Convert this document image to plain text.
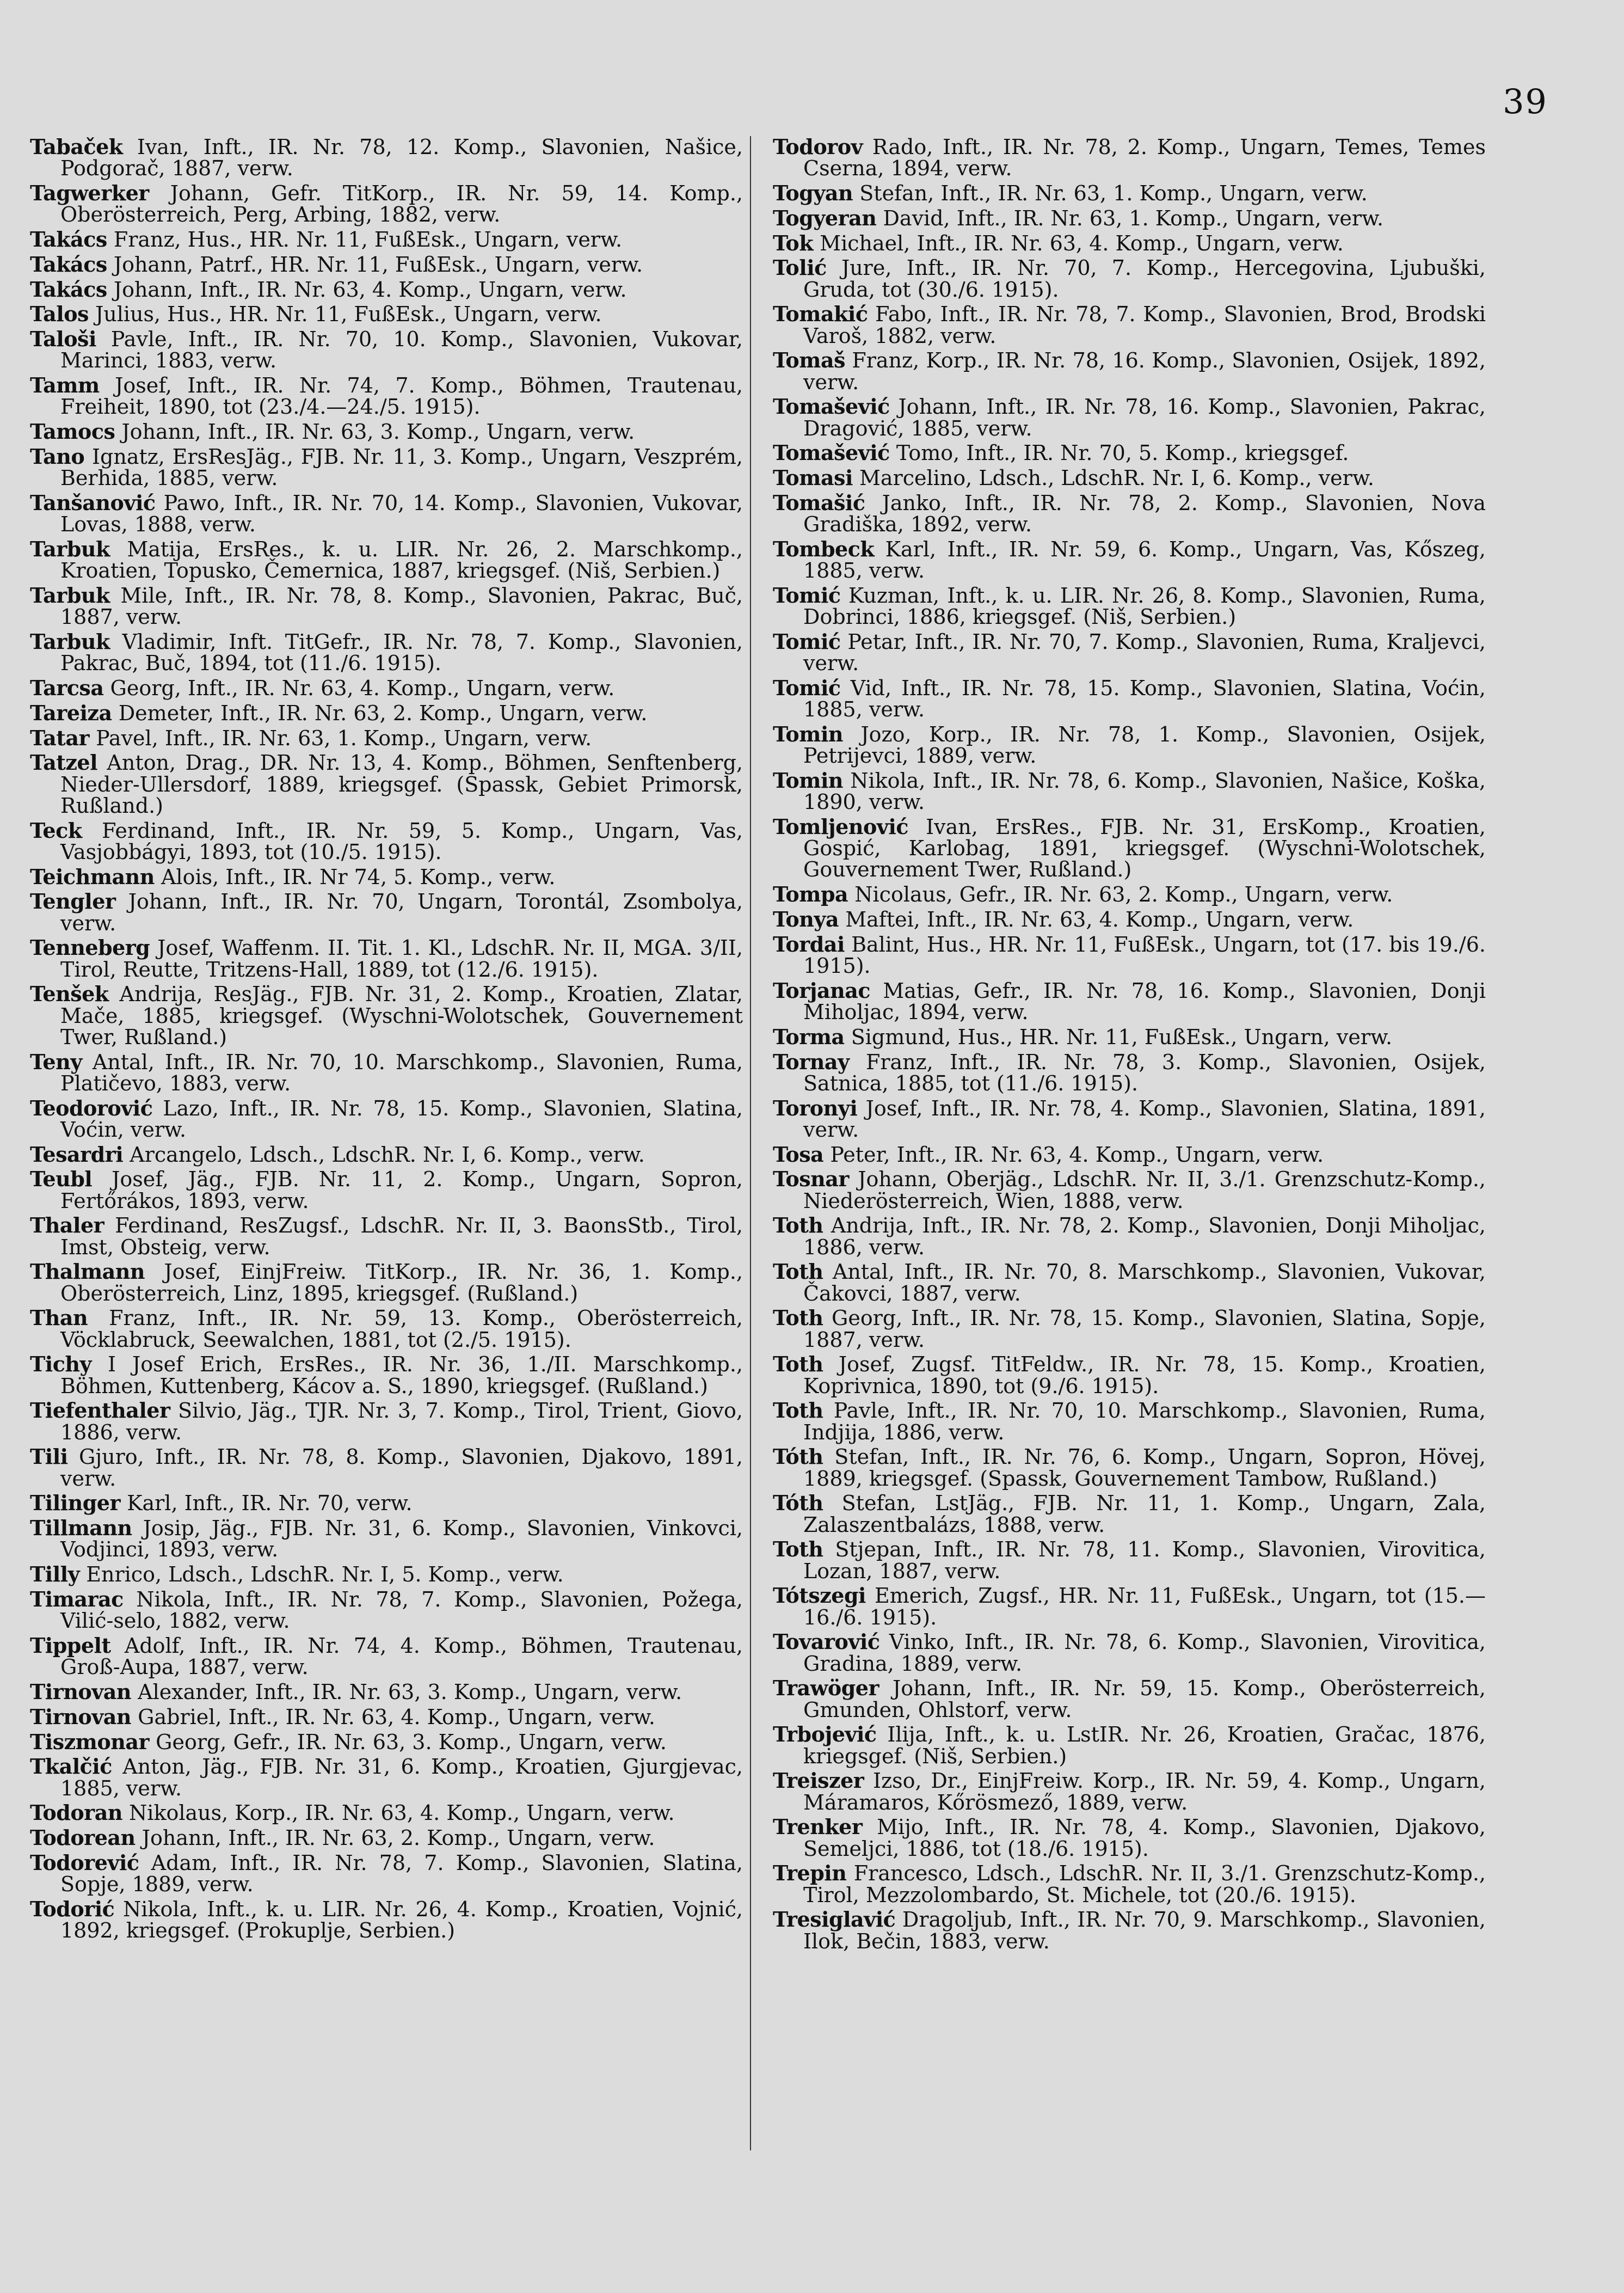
39

Tabaček Ivan, Inft., IR. Nr. 78, 12. Komp., Slavonien, Našice, Podgorač, 1887, verw.

Tagwerker Johann, Gefr. TitKorp., IR. Nr. 59, 14. Komp., Oberösterreich, Perg, Arbing, 1882, verw.

Takács Franz, Hus., HR. Nr. 11, FußEsk., Ungarn, verw.

Takács Johann, Patrf., HR. Nr. 11, FußEsk., Ungarn, verw.

Takács Johann, Inft., IR. Nr. 63, 4. Komp., Ungarn, verw.

Talos Julius, Hus., HR. Nr. 11, FußEsk., Ungarn, verw.

Taloši Pavle, Inft., IR. Nr. 70, 10. Komp., Slavonien, Vukovar, Marinci, 1883, verw.

Tamm Josef, Inft., IR. Nr. 74, 7. Komp., Böhmen, Trautenau, Freiheit, 1890, tot (23./4.—24./5. 1915).

Tamocs Johann, Inft., IR. Nr. 63, 3. Komp., Ungarn, verw.

Tano Ignatz, ErsResJäg., FJB. Nr. 11, 3. Komp., Ungarn, Veszprém, Berhida, 1885, verw.

Tanšanović Pawo, Inft., IR. Nr. 70, 14. Komp., Slavonien, Vukovar, Lovas, 1888, verw.

Tarbuk Matija, ErsRes., k. u. LIR. Nr. 26, 2. Marschkomp., Kroatien, Topusko, Čemernica, 1887, kriegsgef. (Niš, Serbien.)

Tarbuk Mile, Inft., IR. Nr. 78, 8. Komp., Slavonien, Pakrac, Buč, 1887, verw.

Tarbuk Vladimir, Inft. TitGefr., IR. Nr. 78, 7. Komp., Slavonien, Pakrac, Buč, 1894, tot (11./6. 1915).

Tarcsa Georg, Inft., IR. Nr. 63, 4. Komp., Ungarn, verw.

Tareiza Demeter, Inft., IR. Nr. 63, 2. Komp., Ungarn, verw.

Tatar Pavel, Inft., IR. Nr. 63, 1. Komp., Ungarn, verw.

Tatzel Anton, Drag., DR. Nr. 13, 4. Komp., Böhmen, Senftenberg, Nieder-Ullersdorf, 1889, kriegsgef. (Spassk, Gebiet Primorsk, Rußland.)

Teck Ferdinand, Inft., IR. Nr. 59, 5. Komp., Ungarn, Vas, Vasjobbágyi, 1893, tot (10./5. 1915).

Teichmann Alois, Inft., IR. Nr 74, 5. Komp., verw.

Tengler Johann, Inft., IR. Nr. 70, Ungarn, Torontál, Zsombolya, verw.

Tenneberg Josef, Waffenm. II. Tit. 1. Kl., LdschR. Nr. II, MGA. 3/II, Tirol, Reutte, Tritzens-Hall, 1889, tot (12./6. 1915).

Tenšek Andrija, ResJäg., FJB. Nr. 31, 2. Komp., Kroatien, Zlatar, Mače, 1885, kriegsgef. (Wyschni-Wolotschek, Gouvernement Twer, Rußland.)

Teny Antal, Inft., IR. Nr. 70, 10. Marschkomp., Slavonien, Ruma, Platičevo, 1883, verw.

Teodorović Lazo, Inft., IR. Nr. 78, 15. Komp., Slavonien, Slatina, Voćin, verw.

Tesardri Arcangelo, Ldsch., LdschR. Nr. I, 6. Komp., verw.

Teubl Josef, Jäg., FJB. Nr. 11, 2. Komp., Ungarn, Sopron, Fertőrákos, 1893, verw.

Thaler Ferdinand, ResZugsf., LdschR. Nr. II, 3. BaonsStb., Tirol, Imst, Obsteig, verw.

Thalmann Josef, EinjFreiw. TitKorp., IR. Nr. 36, 1. Komp., Oberösterreich, Linz, 1895, kriegsgef. (Rußland.)

Than Franz, Inft., IR. Nr. 59, 13. Komp., Oberösterreich, Vöcklabruck, Seewalchen, 1881, tot (2./5. 1915).

Tichy I Josef Erich, ErsRes., IR. Nr. 36, 1./II. Marschkomp., Böhmen, Kuttenberg, Kácov a. S., 1890, kriegsgef. (Rußland.)

Tiefenthaler Silvio, Jäg., TJR. Nr. 3, 7. Komp., Tirol, Trient, Giovo, 1886, verw.

Tili Gjuro, Inft., IR. Nr. 78, 8. Komp., Slavonien, Djakovo, 1891, verw.

Tilinger Karl, Inft., IR. Nr. 70, verw.

Tillmann Josip, Jäg., FJB. Nr. 31, 6. Komp., Slavonien, Vinkovci, Vodjinci, 1893, verw.

Tilly Enrico, Ldsch., LdschR. Nr. I, 5. Komp., verw.

Timarac Nikola, Inft., IR. Nr. 78, 7. Komp., Slavonien, Požega, Vilić-selo, 1882, verw.

Tippelt Adolf, Inft., IR. Nr. 74, 4. Komp., Böhmen, Trautenau, Groß-Aupa, 1887, verw.

Tirnovan Alexander, Inft., IR. Nr. 63, 3. Komp., Ungarn, verw.

Tirnovan Gabriel, Inft., IR. Nr. 63, 4. Komp., Ungarn, verw.

Tiszmonar Georg, Gefr., IR. Nr. 63, 3. Komp., Ungarn, verw.

Tkalčić Anton, Jäg., FJB. Nr. 31, 6. Komp., Kroatien, Gjurgjevac, 1885, verw.

Todoran Nikolaus, Korp., IR. Nr. 63, 4. Komp., Ungarn, verw.

Todorean Johann, Inft., IR. Nr. 63, 2. Komp., Ungarn, verw.

Todorević Adam, Inft., IR. Nr. 78, 7. Komp., Slavonien, Slatina, Sopje, 1889, verw.

Todorić Nikola, Inft., k. u. LIR. Nr. 26, 4. Komp., Kroatien, Vojnić, 1892, kriegsgef. (Prokuplje, Serbien.)

Todorov Rado, Inft., IR. Nr. 78, 2. Komp., Ungarn, Temes, Temes Cserna, 1894, verw.

Togyan Stefan, Inft., IR. Nr. 63, 1. Komp., Ungarn, verw.

Togyeran David, Inft., IR. Nr. 63, 1. Komp., Ungarn, verw.

Tok Michael, Inft., IR. Nr. 63, 4. Komp., Ungarn, verw.

Tolić Jure, Inft., IR. Nr. 70, 7. Komp., Hercegovina, Ljubuški, Gruda, tot (30./6. 1915).

Tomakić Fabo, Inft., IR. Nr. 78, 7. Komp., Slavonien, Brod, Brodski Varoš, 1882, verw.

Tomaš Franz, Korp., IR. Nr. 78, 16. Komp., Slavonien, Osijek, 1892, verw.

Tomašević Johann, Inft., IR. Nr. 78, 16. Komp., Slavonien, Pakrac, Dragović, 1885, verw.

Tomašević Tomo, Inft., IR. Nr. 70, 5. Komp., kriegsgef.

Tomasi Marcelino, Ldsch., LdschR. Nr. I, 6. Komp., verw.

Tomašić Janko, Inft., IR. Nr. 78, 2. Komp., Slavonien, Nova Gradiška, 1892, verw.

Tombeck Karl, Inft., IR. Nr. 59, 6. Komp., Ungarn, Vas, Kőszeg, 1885, verw.

Tomić Kuzman, Inft., k. u. LIR. Nr. 26, 8. Komp., Slavonien, Ruma, Dobrinci, 1886, kriegsgef. (Niš, Serbien.)

Tomić Petar, Inft., IR. Nr. 70, 7. Komp., Slavonien, Ruma, Kraljevci, verw.

Tomić Vid, Inft., IR. Nr. 78, 15. Komp., Slavonien, Slatina, Voćin, 1885, verw.

Tomin Jozo, Korp., IR. Nr. 78, 1. Komp., Slavonien, Osijek, Petrijevci, 1889, verw.

Tomin Nikola, Inft., IR. Nr. 78, 6. Komp., Slavonien, Našice, Koška, 1890, verw.

Tomljenović Ivan, ErsRes., FJB. Nr. 31, ErsKomp., Kroatien, Gospić, Karlobag, 1891, kriegsgef. (Wyschni-Wolotschek, Gouvernement Twer, Rußland.)

Tompa Nicolaus, Gefr., IR. Nr. 63, 2. Komp., Ungarn, verw.

Tonya Maftei, Inft., IR. Nr. 63, 4. Komp., Ungarn, verw.

Tordai Balint, Hus., HR. Nr. 11, FußEsk., Ungarn, tot (17. bis 19./6. 1915).

Torjanac Matias, Gefr., IR. Nr. 78, 16. Komp., Slavonien, Donji Miholjac, 1894, verw.

Torma Sigmund, Hus., HR. Nr. 11, FußEsk., Ungarn, verw.

Tornay Franz, Inft., IR. Nr. 78, 3. Komp., Slavonien, Osijek, Satnica, 1885, tot (11./6. 1915).

Toronyi Josef, Inft., IR. Nr. 78, 4. Komp., Slavonien, Slatina, 1891, verw.

Tosa Peter, Inft., IR. Nr. 63, 4. Komp., Ungarn, verw.

Tosnar Johann, Oberjäg., LdschR. Nr. II, 3./1. Grenzschutz-Komp., Niederösterreich, Wien, 1888, verw.

Toth Andrija, Inft., IR. Nr. 78, 2. Komp., Slavonien, Donji Miholjac, 1886, verw.

Toth Antal, Inft., IR. Nr. 70, 8. Marschkomp., Slavonien, Vukovar, Čakovci, 1887, verw.

Toth Georg, Inft., IR. Nr. 78, 15. Komp., Slavonien, Slatina, Sopje, 1887, verw.

Toth Josef, Zugsf. TitFeldw., IR. Nr. 78, 15. Komp., Kroatien, Koprivnica, 1890, tot (9./6. 1915).

Toth Pavle, Inft., IR. Nr. 70, 10. Marschkomp., Slavonien, Ruma, Indjija, 1886, verw.

Tóth Stefan, Inft., IR. Nr. 76, 6. Komp., Ungarn, Sopron, Hövej, 1889, kriegsgef. (Spassk, Gouvernement Tambow, Rußland.)

Tóth Stefan, LstJäg., FJB. Nr. 11, 1. Komp., Ungarn, Zala, Zalaszentbalázs, 1888, verw.

Toth Stjepan, Inft., IR. Nr. 78, 11. Komp., Slavonien, Virovitica, Lozan, 1887, verw.

Tótszegi Emerich, Zugsf., HR. Nr. 11, FußEsk., Ungarn, tot (15.—16./6. 1915).

Tovarović Vinko, Inft., IR. Nr. 78, 6. Komp., Slavonien, Virovitica, Gradina, 1889, verw.

Trawöger Johann, Inft., IR. Nr. 59, 15. Komp., Oberösterreich, Gmunden, Ohlstorf, verw.

Trbojević Ilija, Inft., k. u. LstIR. Nr. 26, Kroatien, Gračac, 1876, kriegsgef. (Niš, Serbien.)

Treiszer Izso, Dr., EinjFreiw. Korp., IR. Nr. 59, 4. Komp., Ungarn, Máramaros, Kőrösmező, 1889, verw.

Trenker Mijo, Inft., IR. Nr. 78, 4. Komp., Slavonien, Djakovo, Semeljci, 1886, tot (18./6. 1915).

Trepin Francesco, Ldsch., LdschR. Nr. II, 3./1. Grenzschutz-Komp., Tirol, Mezzolombardo, St. Michele, tot (20./6. 1915).

Tresiglavić Dragoljub, Inft., IR. Nr. 70, 9. Marschkomp., Slavonien, Ilok, Bečin, 1883, verw.
